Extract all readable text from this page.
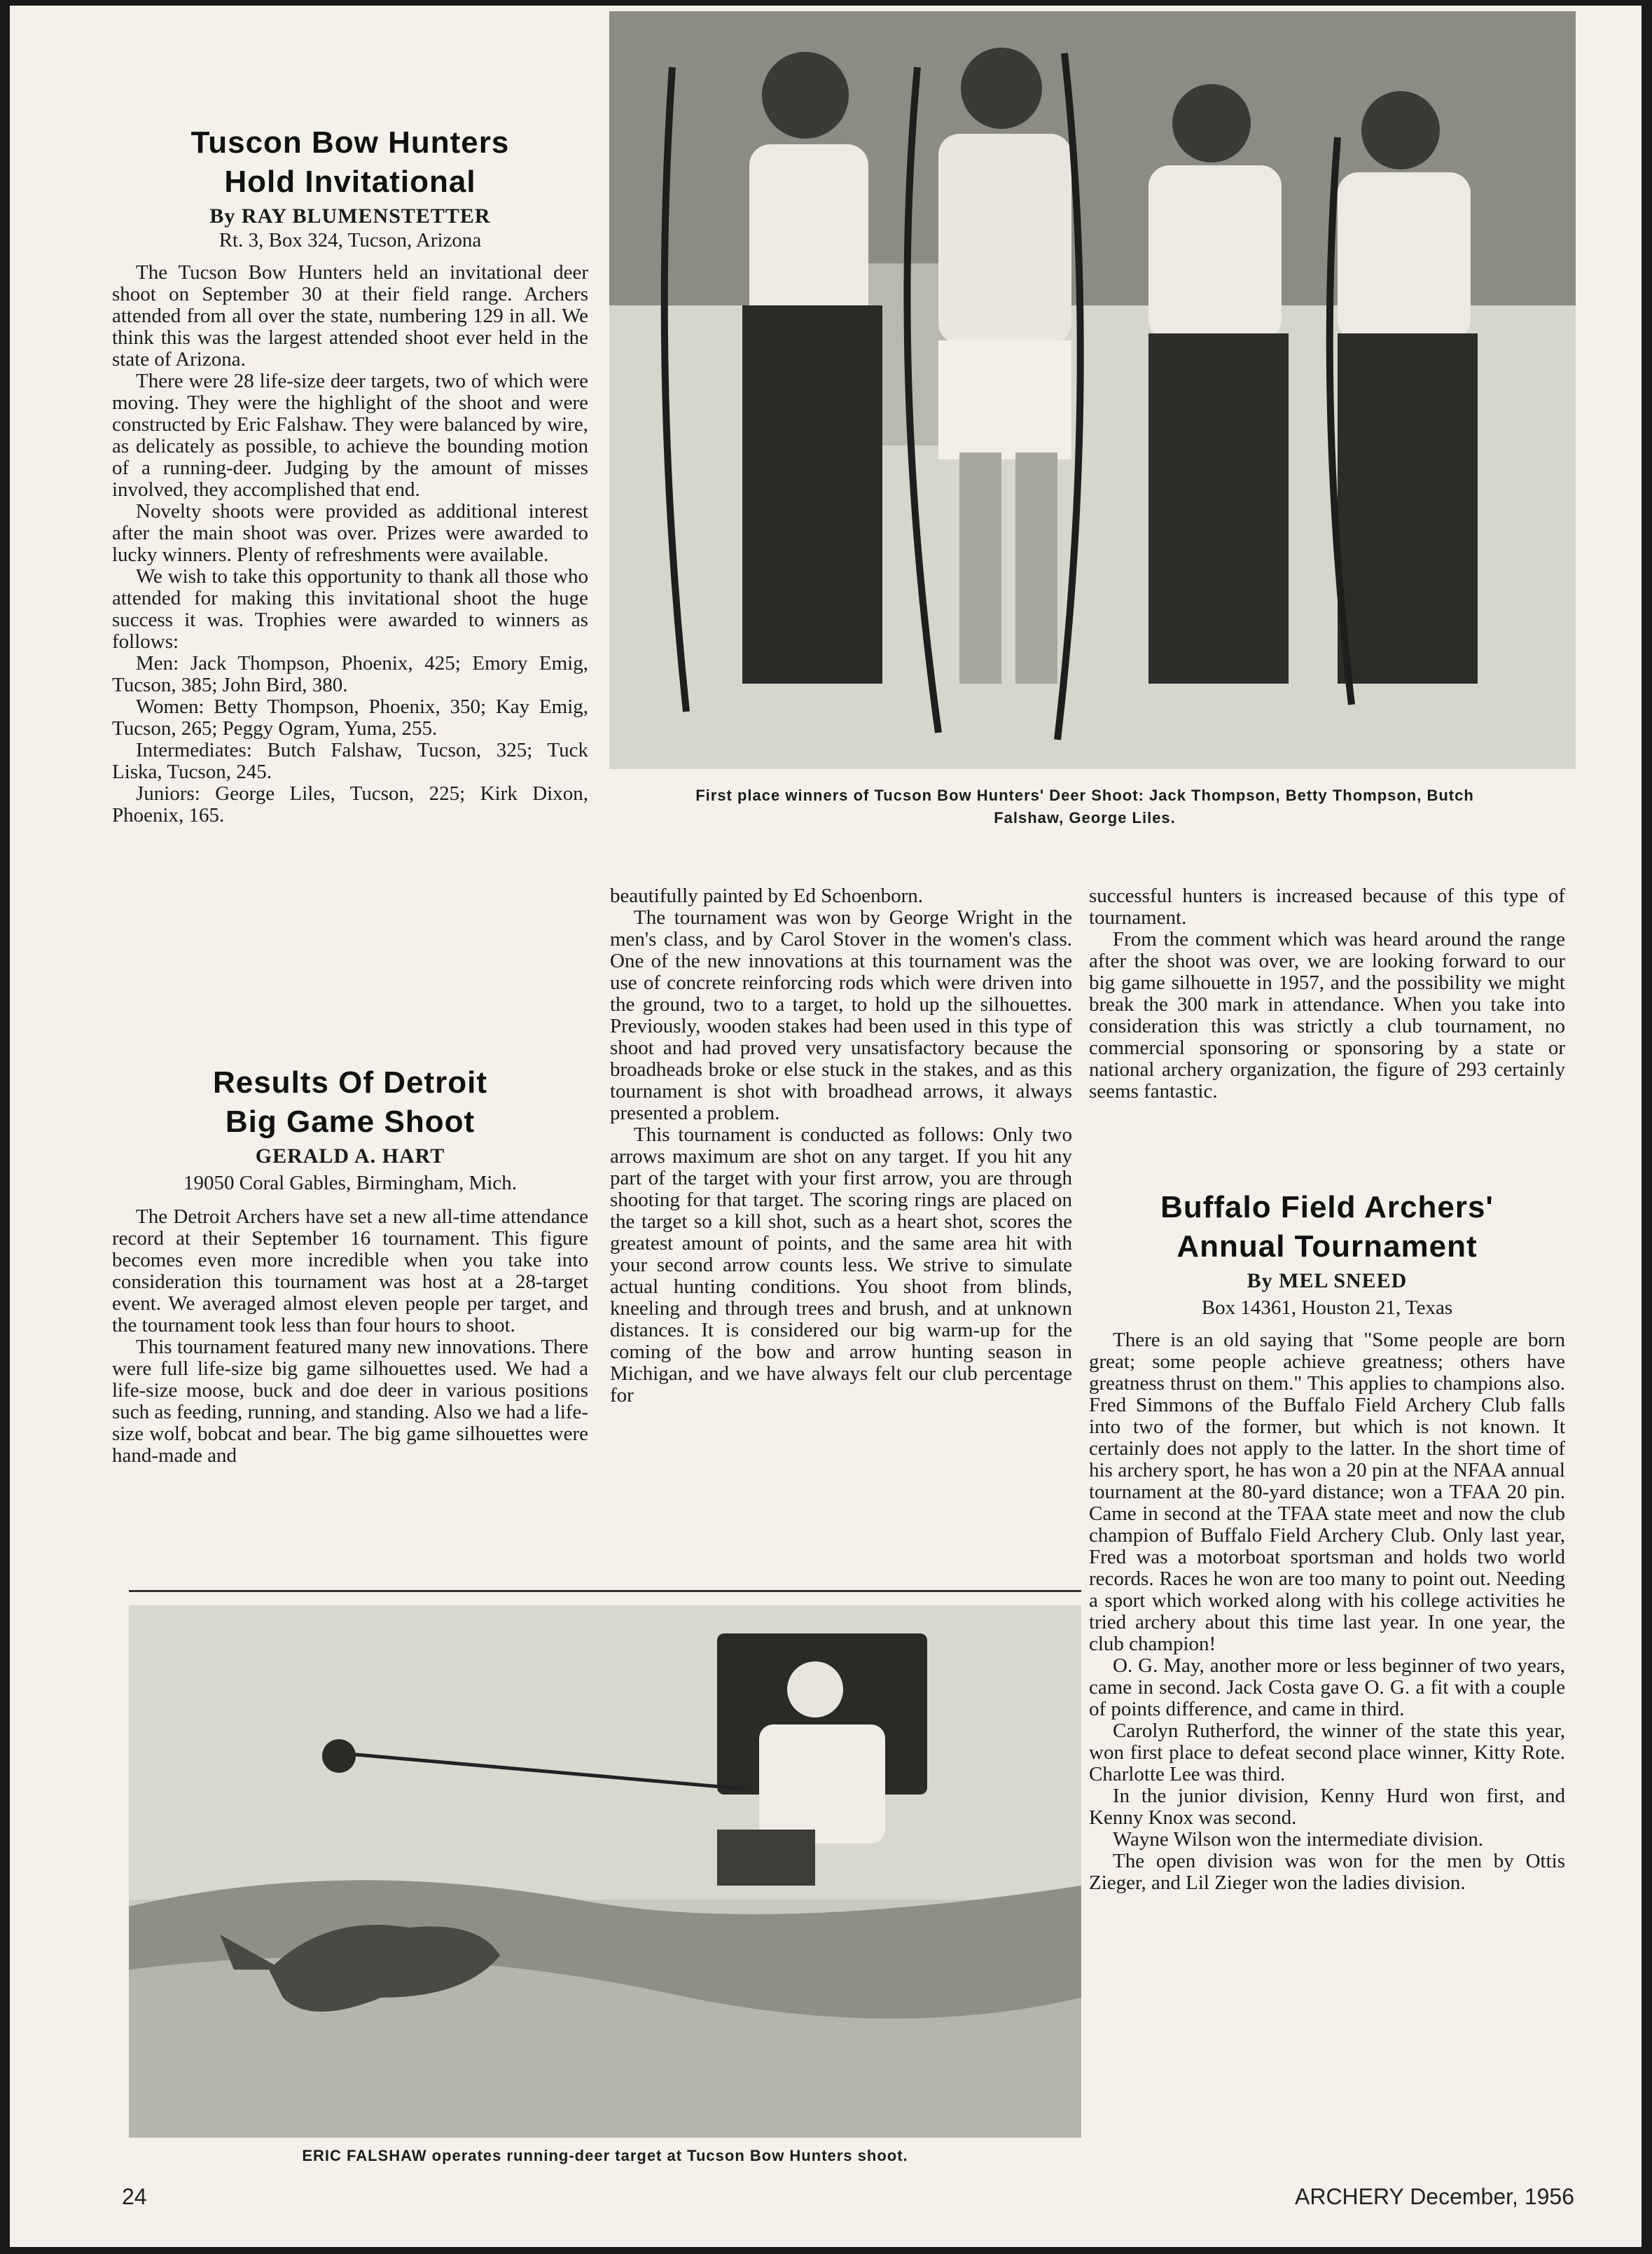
Tuscon Bow Hunters
Hold Invitational
By RAY BLUMENSTETTER
Rt. 3, Box 324, Tucson, Arizona

The Tucson Bow Hunters held an invitational deer shoot on September 30 at their field range. Archers attended from all over the state, numbering 129 in all. We think this was the largest attended shoot ever held in the state of Arizona.

There were 28 life-size deer targets, two of which were moving. They were the highlight of the shoot and were constructed by Eric Falshaw. They were balanced by wire, as delicately as possible, to achieve the bounding motion of a running-deer. Judging by the amount of misses involved, they accomplished that end.

Novelty shoots were provided as additional interest after the main shoot was over. Prizes were awarded to lucky winners. Plenty of refreshments were available.

We wish to take this opportunity to thank all those who attended for making this invitational shoot the huge success it was. Trophies were awarded to winners as follows:

Men: Jack Thompson, Phoenix, 425; Emory Emig, Tucson, 385; John Bird, 380.

Women: Betty Thompson, Phoenix, 350; Kay Emig, Tucson, 265; Peggy Ogram, Yuma, 255.

Intermediates: Butch Falshaw, Tucson, 325; Tuck Liska, Tucson, 245.

Juniors: George Liles, Tucson, 225; Kirk Dixon, Phoenix, 165.

First place winners of Tucson Bow Hunters' Deer Shoot: Jack Thompson, Betty Thompson, Butch Falshaw, George Liles.
Results Of Detroit
Big Game Shoot
GERALD A. HART
19050 Coral Gables, Birmingham, Mich.

The Detroit Archers have set a new all-time attendance record at their September 16 tournament. This figure becomes even more incredible when you take into consideration this tournament was host at a 28-target event. We averaged almost eleven people per target, and the tournament took less than four hours to shoot.

This tournament featured many new innovations. There were full life-size big game silhouettes used. We had a life-size moose, buck and doe deer in various positions such as feeding, running, and standing. Also we had a life-size wolf, bobcat and bear. The big game silhouettes were hand-made and

beautifully painted by Ed Schoenborn.

The tournament was won by George Wright in the men's class, and by Carol Stover in the women's class. One of the new innovations at this tournament was the use of concrete reinforcing rods which were driven into the ground, two to a target, to hold up the silhouettes. Previously, wooden stakes had been used in this type of shoot and had proved very unsatisfactory because the broadheads broke or else stuck in the stakes, and as this tournament is shot with broadhead arrows, it always presented a problem.

This tournament is conducted as follows: Only two arrows maximum are shot on any target. If you hit any part of the target with your first arrow, you are through shooting for that target. The scoring rings are placed on the target so a kill shot, such as a heart shot, scores the greatest amount of points, and the same area hit with your second arrow counts less. We strive to simulate actual hunting conditions. You shoot from blinds, kneeling and through trees and brush, and at unknown distances. It is considered our big warm-up for the coming of the bow and arrow hunting season in Michigan, and we have always felt our club percentage for

successful hunters is increased because of this type of tournament.

From the comment which was heard around the range after the shoot was over, we are looking forward to our big game silhouette in 1957, and the possibility we might break the 300 mark in attendance. When you take into consideration this was strictly a club tournament, no commercial sponsoring or sponsoring by a state or national archery organization, the figure of 293 certainly seems fantastic.

Buffalo Field Archers'
Annual Tournament
By MEL SNEED
Box 14361, Houston 21, Texas

There is an old saying that "Some people are born great; some people achieve greatness; others have greatness thrust on them." This applies to champions also. Fred Simmons of the Buffalo Field Archery Club falls into two of the former, but which is not known. It certainly does not apply to the latter. In the short time of his archery sport, he has won a 20 pin at the NFAA annual tournament at the 80-yard distance; won a TFAA 20 pin. Came in second at the TFAA state meet and now the club champion of Buffalo Field Archery Club. Only last year, Fred was a motorboat sportsman and holds two world records. Races he won are too many to point out. Needing a sport which worked along with his college activities he tried archery about this time last year. In one year, the club champion!

O. G. May, another more or less beginner of two years, came in second. Jack Costa gave O. G. a fit with a couple of points difference, and came in third.

Carolyn Rutherford, the winner of the state this year, won first place to defeat second place winner, Kitty Rote. Charlotte Lee was third.

In the junior division, Kenny Hurd won first, and Kenny Knox was second.

Wayne Wilson won the intermediate division.

The open division was won for the men by Ottis Zieger, and Lil Zieger won the ladies division.

ERIC FALSHAW operates running-deer target at Tucson Bow Hunters shoot.
24	ARCHERY December, 1956
